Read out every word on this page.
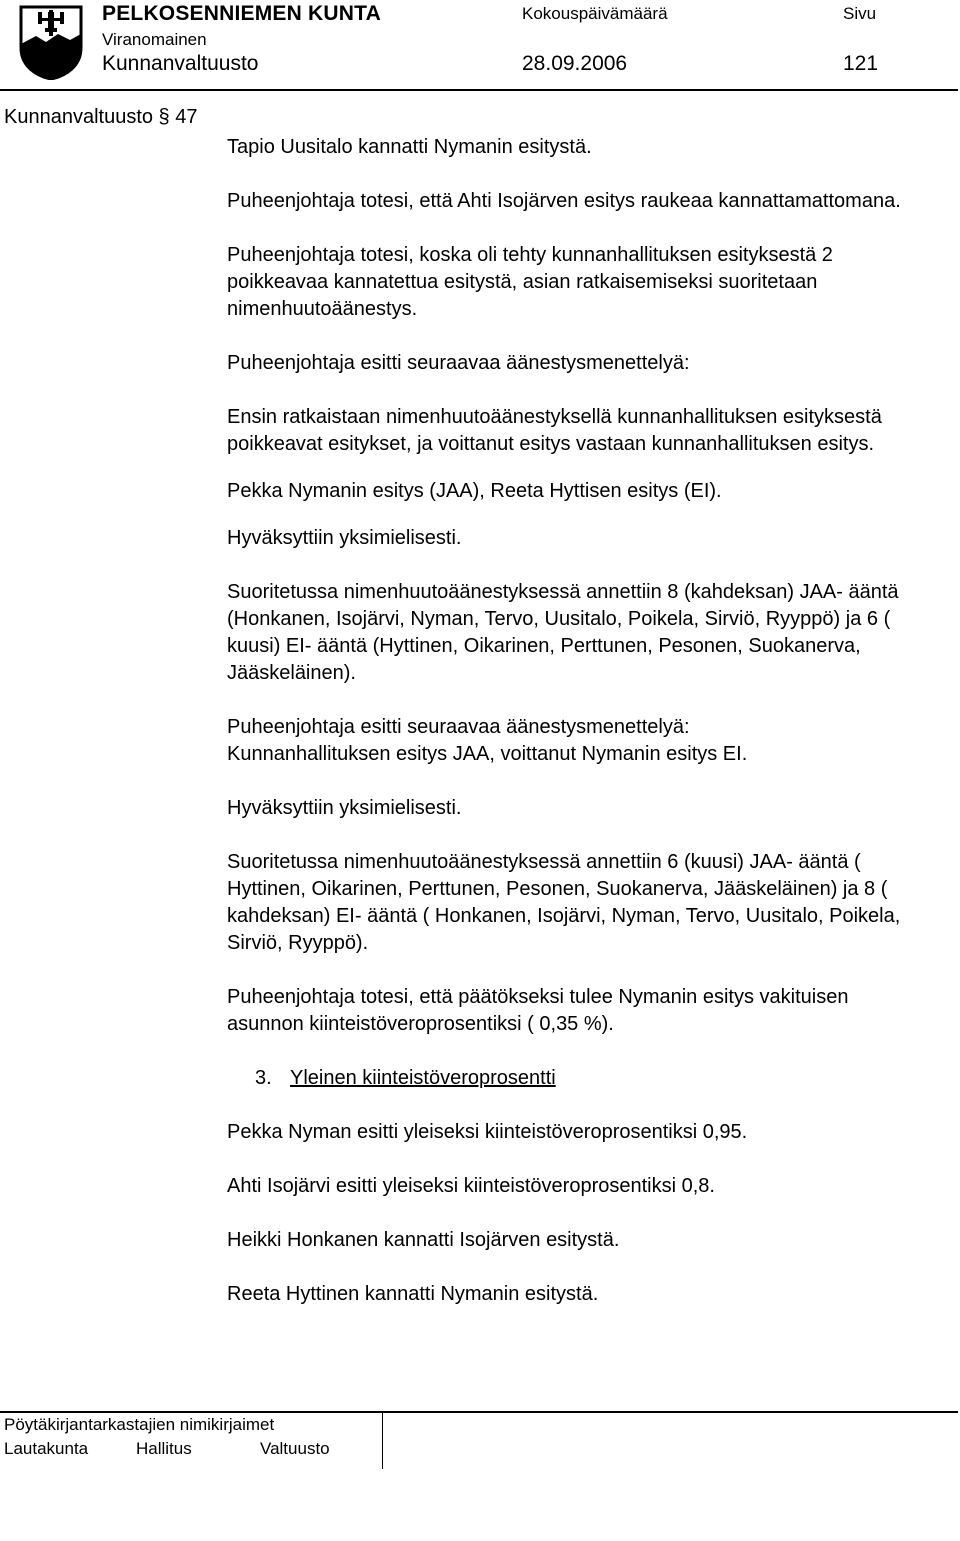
PELKOSENNIEMEN KUNTA
Viranomainen
Kunnanvaltuusto
Kokouspäivämäärä
28.09.2006
Sivu
121
Kunnanvaltuusto § 47

Tapio Uusitalo kannatti Nymanin esitystä.

Puheenjohtaja totesi, että Ahti Isojärven esitys raukeaa kannattamattomana.

Puheenjohtaja totesi, koska oli tehty kunnanhallituksen esityksestä 2 poikkeavaa kannatettua esitystä, asian ratkaisemiseksi suoritetaan nimenhuutoäänestys.

Puheenjohtaja esitti seuraavaa äänestysmenettelyä:

Ensin ratkaistaan nimenhuutoäänestyksellä kunnanhallituksen esityksestä poikkeavat esitykset, ja voittanut esitys vastaan kunnanhallituksen esitys.

Pekka Nymanin esitys (JAA), Reeta Hyttisen esitys (EI).

Hyväksyttiin yksimielisesti.

Suoritetussa nimenhuutoäänestyksessä annettiin 8 (kahdeksan) JAA- ääntä (Honkanen, Isojärvi, Nyman, Tervo, Uusitalo, Poikela, Sirviö, Ryyppö) ja 6 ( kuusi) EI- ääntä (Hyttinen, Oikarinen, Perttunen, Pesonen, Suokanerva, Jääskeläinen).

Puheenjohtaja esitti seuraavaa äänestysmenettelyä:

Kunnanhallituksen esitys JAA, voittanut Nymanin esitys EI.

Hyväksyttiin yksimielisesti.

Suoritetussa nimenhuutoäänestyksessä annettiin 6 (kuusi) JAA- ääntä ( Hyttinen, Oikarinen, Perttunen, Pesonen, Suokanerva, Jääskeläinen) ja 8 ( kahdeksan) EI- ääntä ( Honkanen, Isojärvi, Nyman, Tervo, Uusitalo, Poikela, Sirviö, Ryyppö).

Puheenjohtaja totesi, että päätökseksi tulee Nymanin esitys vakituisen asunnon kiinteistöveroprosentiksi ( 0,35 %).

3. Yleinen kiinteistöveroprosentti

Pekka Nyman esitti yleiseksi kiinteistöveroprosentiksi 0,95.

Ahti Isojärvi esitti yleiseksi kiinteistöveroprosentiksi 0,8.

Heikki Honkanen kannatti Isojärven esitystä.

Reeta Hyttinen kannatti Nymanin esitystä.

Pöytäkirjantarkastajien nimikirjaimet
Lautakunta	Hallitus	Valtuusto
